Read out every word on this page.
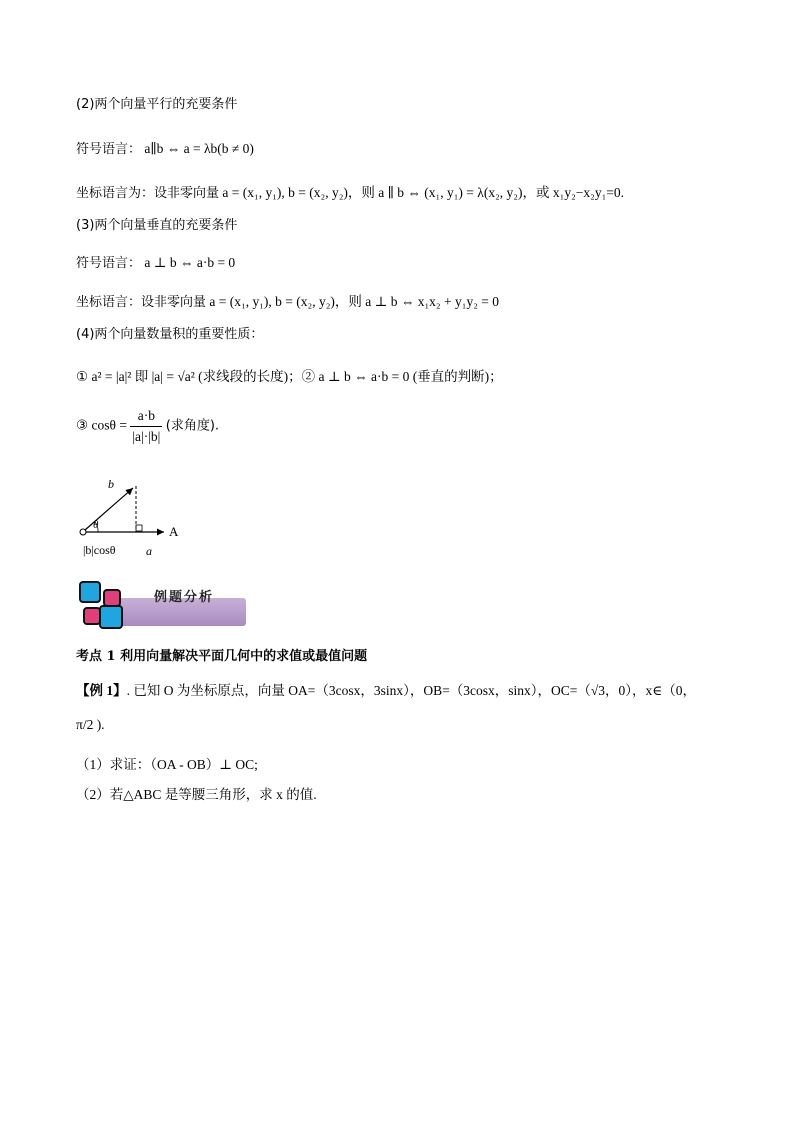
(2)两个向量平行的充要条件
符号语言： a∥b ⇔ a = λb(b ≠ 0)
坐标语言为：设非零向量 a = (x₁, y₁), b = (x₂, y₂)，则 a ∥ b ⇔ (x₁, y₁) = λ(x₂, y₂)，或 x₁y₂−x₂y₁=0.
(3)两个向量垂直的充要条件
符号语言： a ⊥ b ⇔ a·b = 0
坐标语言：设非零向量 a = (x₁, y₁), b = (x₂, y₂)，则 a ⊥ b ⇔ x₁x₂ + y₁y₂ = 0
(4)两个向量数量积的重要性质：
① a² = |a|² 即 |a| = √a² (求线段的长度)；② a ⊥ b ⇔ a·b = 0 (垂直的判断)；
③ $\cos\theta = \frac{a\cdot b}{|a|\cdot|b|}$ (求角度).
b
θ	A
|b|cosθ	a
例题分析
考点 1 利用向量解决平面几何中的求值或最值问题
【例 1】. 已知 O 为坐标原点，向量 OA=（3cosx，3sinx），OB=（3cosx，sinx），OC=（√3，0），x∈（0，
π/2 ).
（1）求证：（OA - OB）⊥ OC;
（2）若△ABC 是等腰三角形，求 x 的值.
